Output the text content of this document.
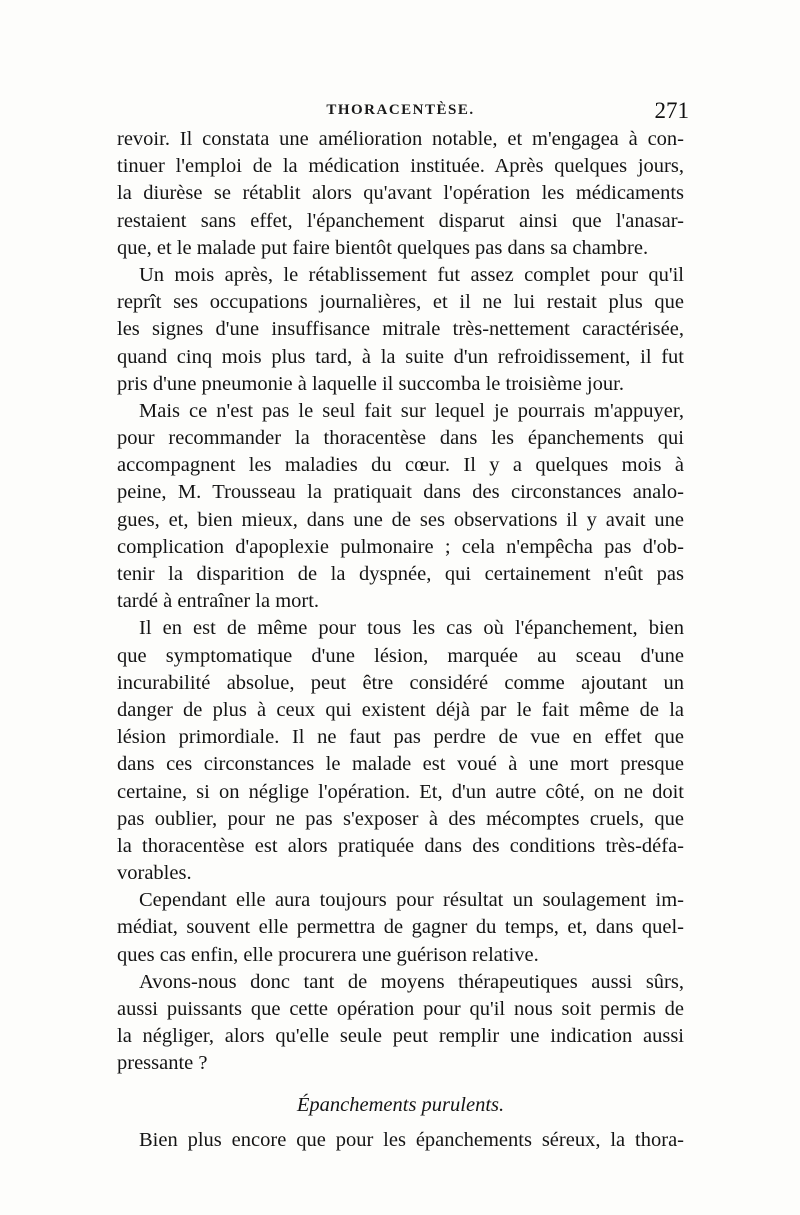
THORACENTÈSE.	271
revoir. Il constata une amélioration notable, et m'engagea à con-
tinuer l'emploi de la médication instituée. Après quelques jours,
la diurèse se rétablit alors qu'avant l'opération les médicaments
restaient sans effet, l'épanchement disparut ainsi que l'anasar-
que, et le malade put faire bientôt quelques pas dans sa chambre.
Un mois après, le rétablissement fut assez complet pour qu'il
reprît ses occupations journalières, et il ne lui restait plus que
les signes d'une insuffisance mitrale très-nettement caractérisée,
quand cinq mois plus tard, à la suite d'un refroidissement, il fut
pris d'une pneumonie à laquelle il succomba le troisième jour.
Mais ce n'est pas le seul fait sur lequel je pourrais m'appuyer,
pour recommander la thoracentèse dans les épanchements qui
accompagnent les maladies du cœur. Il y a quelques mois à
peine, M. Trousseau la pratiquait dans des circonstances analo-
gues, et, bien mieux, dans une de ses observations il y avait une
complication d'apoplexie pulmonaire ; cela n'empêcha pas d'ob-
tenir la disparition de la dyspnée, qui certainement n'eût pas
tardé à entraîner la mort.
Il en est de même pour tous les cas où l'épanchement, bien
que symptomatique d'une lésion, marquée au sceau d'une
incurabilité absolue, peut être considéré comme ajoutant un
danger de plus à ceux qui existent déjà par le fait même de la
lésion primordiale. Il ne faut pas perdre de vue en effet que
dans ces circonstances le malade est voué à une mort presque
certaine, si on néglige l'opération. Et, d'un autre côté, on ne doit
pas oublier, pour ne pas s'exposer à des mécomptes cruels, que
la thoracentèse est alors pratiquée dans des conditions très-défa-
vorables.
Cependant elle aura toujours pour résultat un soulagement im-
médiat, souvent elle permettra de gagner du temps, et, dans quel-
ques cas enfin, elle procurera une guérison relative.
Avons-nous donc tant de moyens thérapeutiques aussi sûrs,
aussi puissants que cette opération pour qu'il nous soit permis de
la négliger, alors qu'elle seule peut remplir une indication aussi
pressante ?
Épanchements purulents.
Bien plus encore que pour les épanchements séreux, la thora-
